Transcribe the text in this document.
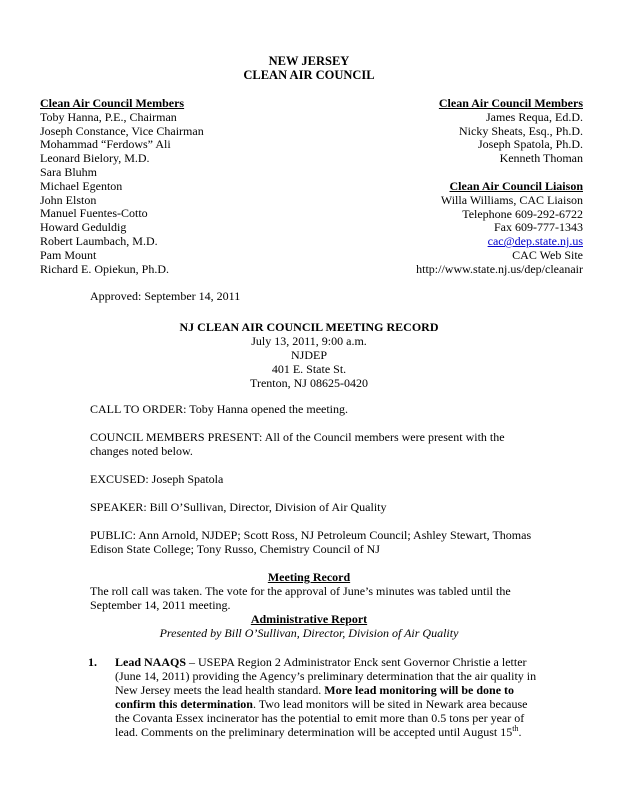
NEW JERSEY
CLEAN AIR COUNCIL
Clean Air Council Members
Toby Hanna, P.E., Chairman
Joseph Constance, Vice Chairman
Mohammad “Ferdows” Ali
Leonard Bielory, M.D.
Sara Bluhm
Michael Egenton
John Elston
Manuel Fuentes-Cotto
Howard Geduldig
Robert Laumbach, M.D.
Pam Mount
Richard E. Opiekun, Ph.D.
Clean Air Council Members
James Requa, Ed.D.
Nicky Sheats, Esq., Ph.D.
Joseph Spatola, Ph.D.
Kenneth Thoman
Clean Air Council Liaison
Willa Williams, CAC Liaison
Telephone 609-292-6722
Fax 609-777-1343
cac@dep.state.nj.us
CAC Web Site
http://www.state.nj.us/dep/cleanair
Approved: September 14, 2011
NJ CLEAN AIR COUNCIL MEETING RECORD
July 13, 2011, 9:00 a.m.
NJDEP
401 E. State St.
Trenton, NJ 08625-0420
CALL TO ORDER: Toby Hanna opened the meeting.
COUNCIL MEMBERS PRESENT: All of the Council members were present with the changes noted below.
EXCUSED: Joseph Spatola
SPEAKER: Bill O’Sullivan, Director, Division of Air Quality
PUBLIC: Ann Arnold, NJDEP; Scott Ross, NJ Petroleum Council; Ashley Stewart, Thomas Edison State College; Tony Russo, Chemistry Council of NJ
Meeting Record
The roll call was taken. The vote for the approval of June’s minutes was tabled until the September 14, 2011 meeting.
Administrative Report
Presented by Bill O’Sullivan, Director, Division of Air Quality
1. Lead NAAQS – USEPA Region 2 Administrator Enck sent Governor Christie a letter (June 14, 2011) providing the Agency’s preliminary determination that the air quality in New Jersey meets the lead health standard. More lead monitoring will be done to confirm this determination. Two lead monitors will be sited in Newark area because the Covanta Essex incinerator has the potential to emit more than 0.5 tons per year of lead. Comments on the preliminary determination will be accepted until August 15th.
